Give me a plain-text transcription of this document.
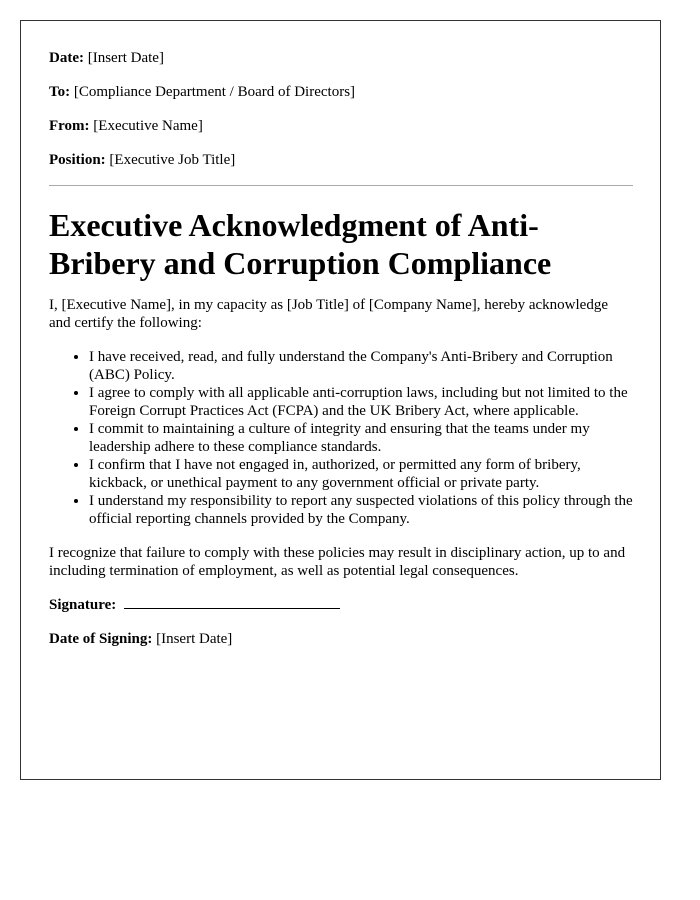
Date: [Insert Date]

To: [Compliance Department / Board of Directors]

From: [Executive Name]

Position: [Executive Job Title]

Executive Acknowledgment of Anti-Bribery and Corruption Compliance

I, [Executive Name], in my capacity as [Job Title] of [Company Name], hereby acknowledge and certify the following:

• I have received, read, and fully understand the Company's Anti-Bribery and Corruption (ABC) Policy.
• I agree to comply with all applicable anti-corruption laws, including but not limited to the Foreign Corrupt Practices Act (FCPA) and the UK Bribery Act, where applicable.
• I commit to maintaining a culture of integrity and ensuring that the teams under my leadership adhere to these compliance standards.
• I confirm that I have not engaged in, authorized, or permitted any form of bribery, kickback, or unethical payment to any government official or private party.
• I understand my responsibility to report any suspected violations of this policy through the official reporting channels provided by the Company.

I recognize that failure to comply with these policies may result in disciplinary action, up to and including termination of employment, as well as potential legal consequences.

Signature:

Date of Signing: [Insert Date]
